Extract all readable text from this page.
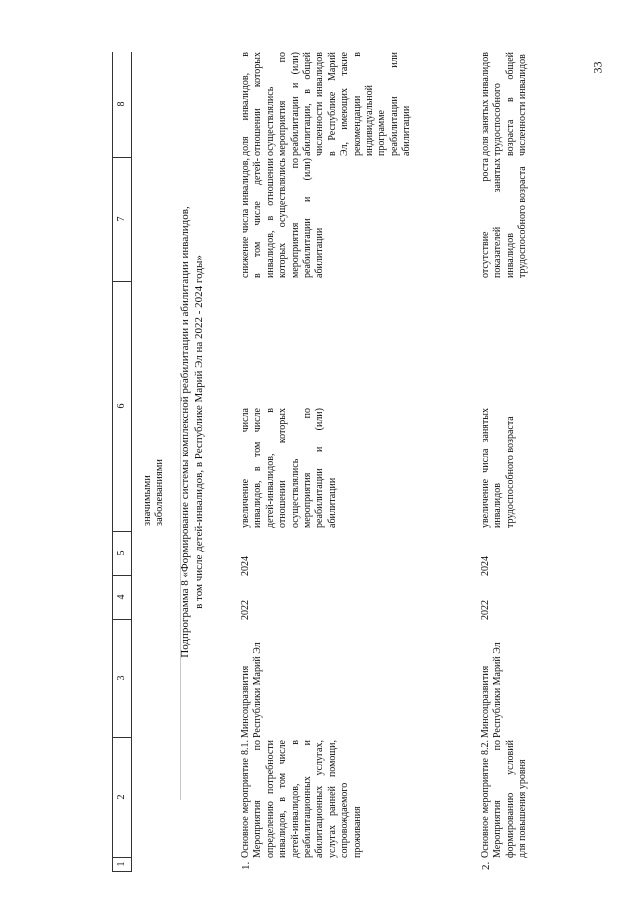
33
1
2
3
4
5
6
7
8
значимыми заболеваниями Подпрограмма 8 «Формирование системы комплексной реабилитации и абилитации инвалидов, в том числе детей-инвалидов, в Республике Марий Эл на 2022 - 2024 годы»
1.
Основное мероприятие 8.1. Мероприятия по определению потребности инвалидов, в том числе детей-инвалидов, в реабилитационных и абилитационных услугах, услугах ранней помощи, сопровождаемого проживания
Минсоцразвития Республики Марий Эл
2022
2024
увеличение числа инвалидов, в том числе детей-инвалидов, в отношении которых осуществлялись мероприятия по реабилитации и (или) абилитации
снижение числа инвалидов, в том числе детей-инвалидов, в отношении которых осуществлялись мероприятия по реабилитации и (или) абилитации
доля инвалидов, в отношении которых осуществлялись мероприятия по реабилитации и (или) абилитации, в общей численности инвалидов в Республике Марий Эл, имеющих такие рекомендации в индивидуальной программе реабилитации или абилитации
2.
Основное мероприятие 8.2. Мероприятия по формированию условий для повышения уровня
Минсоцразвития Республики Марий Эл
2022
2024
увеличение числа занятых инвалидов трудоспособного возраста
отсутствие роста показателей занятых инвалидов трудоспособного возраста
доля занятых инвалидов трудоспособного возраста в общей численности инвалидов
